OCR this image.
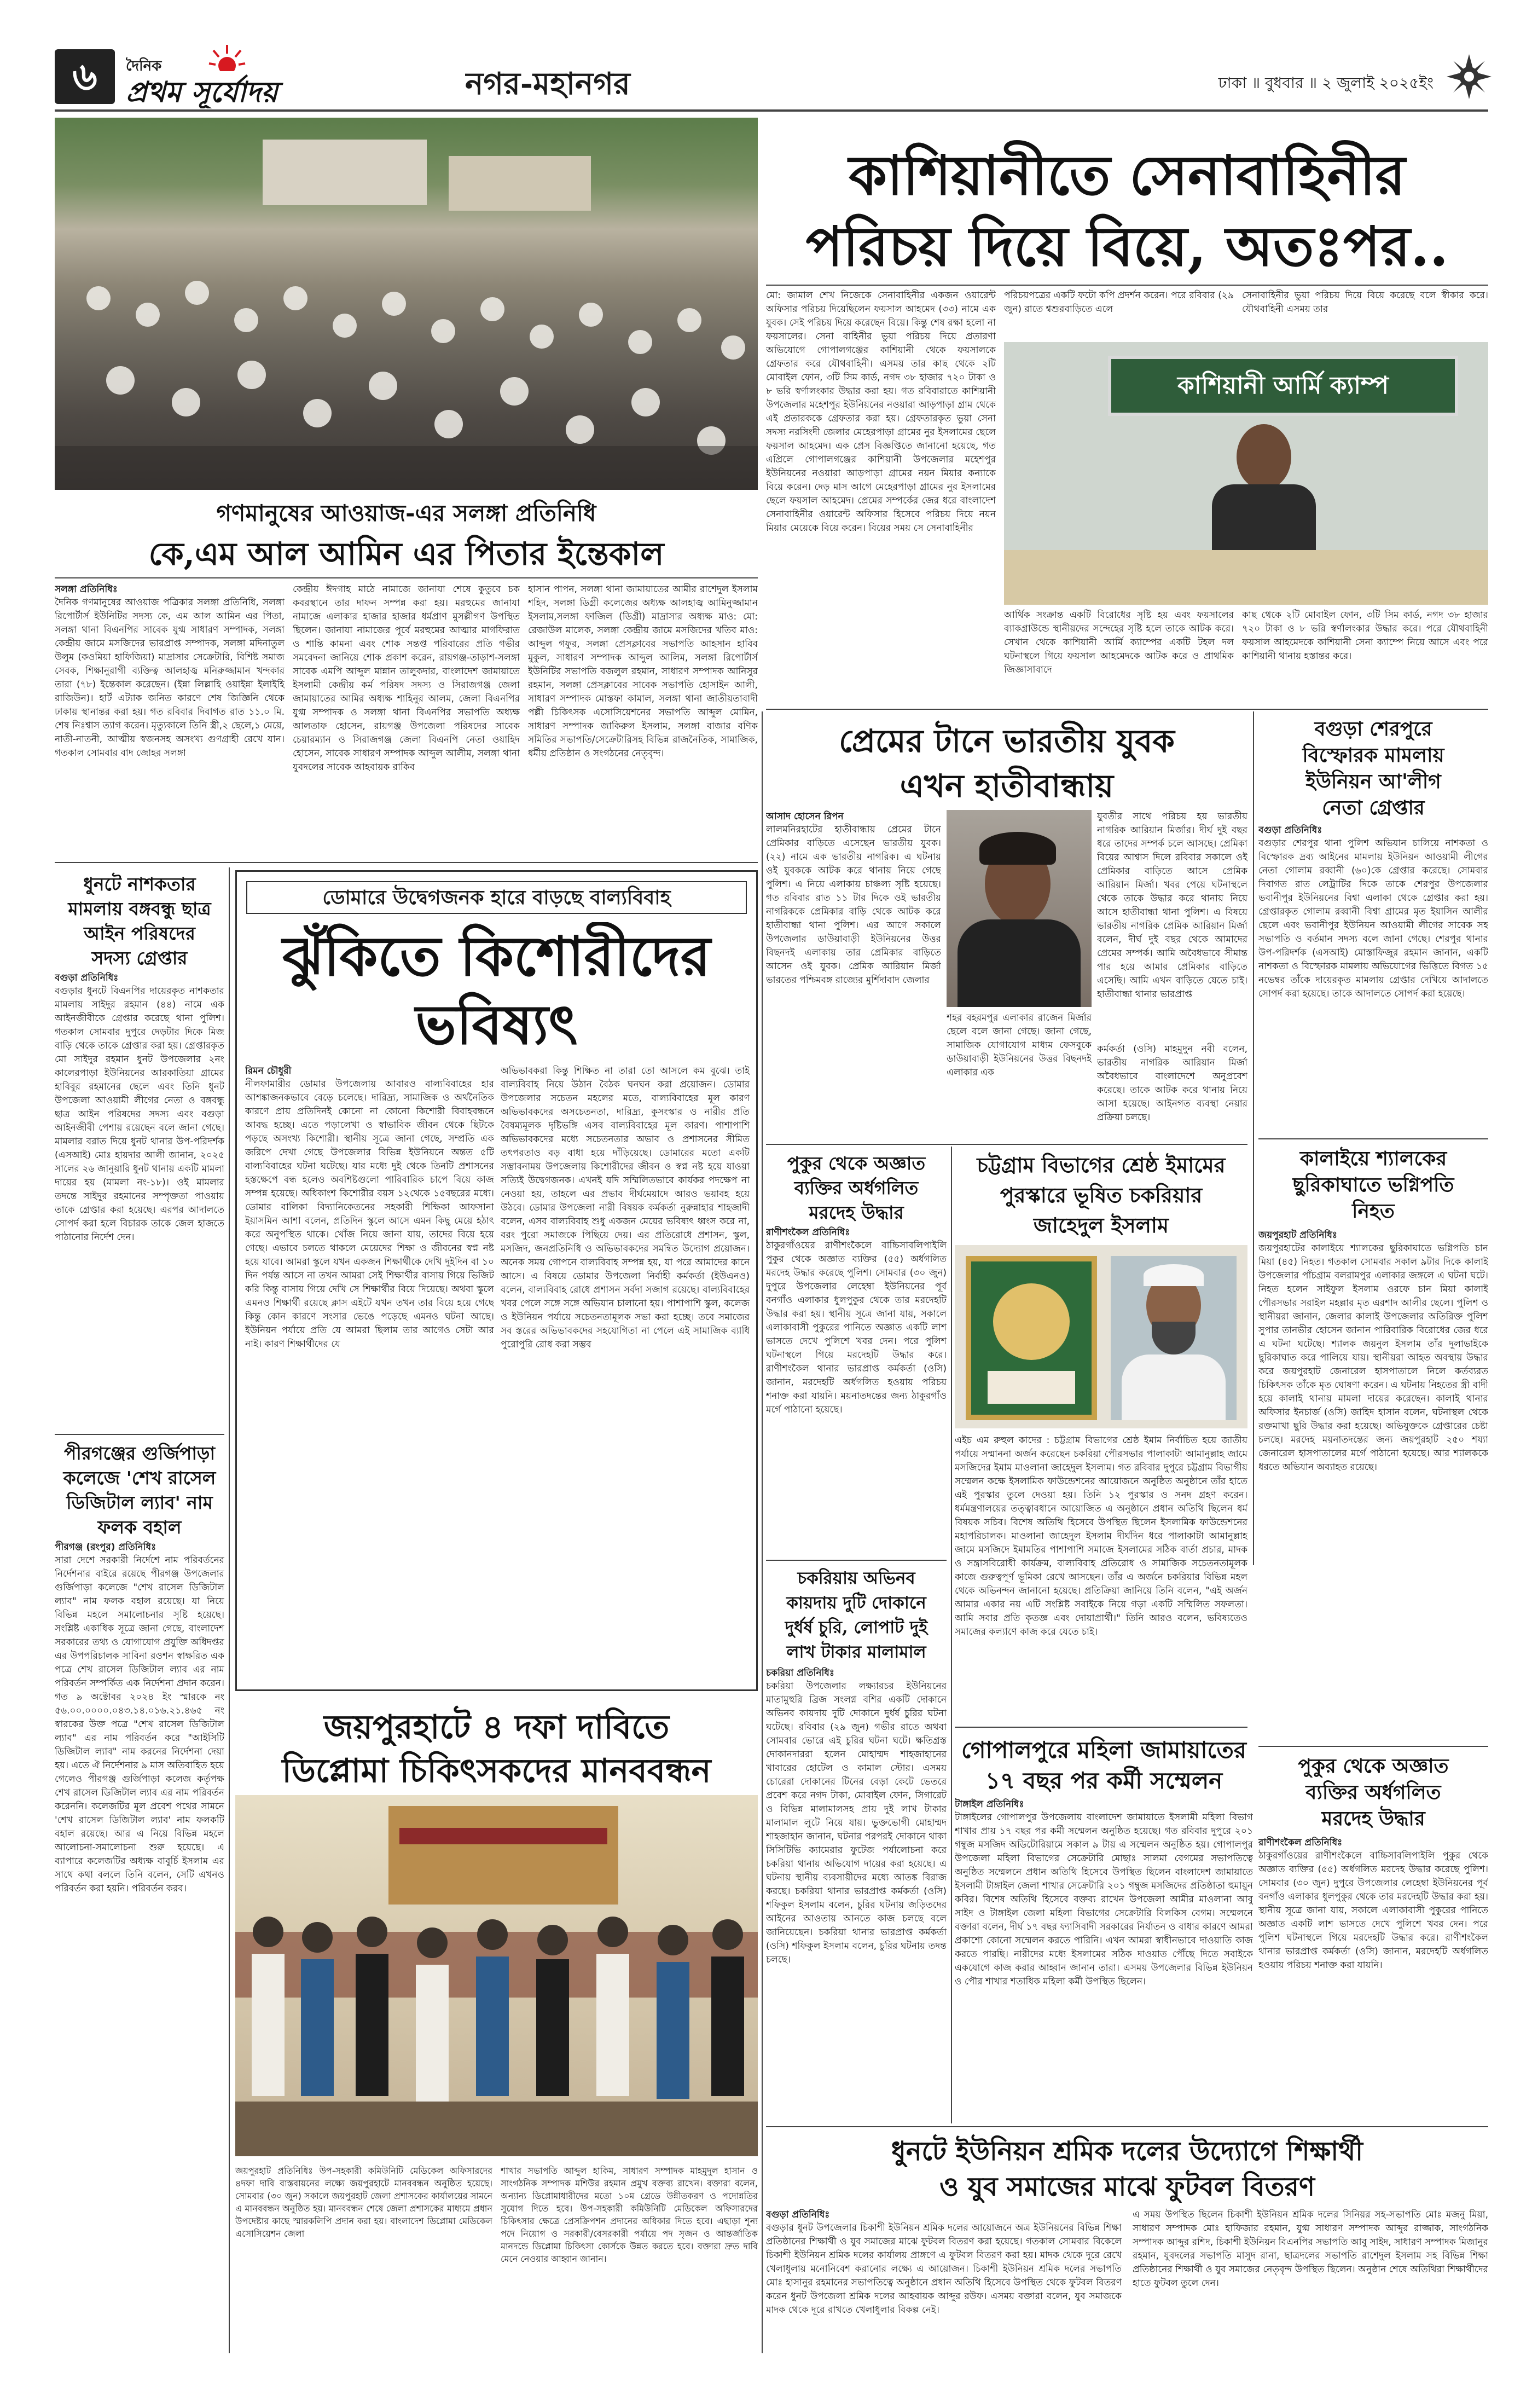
৬	দৈনিক
প্রথম সূর্যোদয়	নগর-মহানগর	ঢাকা ॥ বুধবার ॥ ২ জুলাই ২০২৫ইং
গণমানুষের আওয়াজ-এর সলঙ্গা প্রতিনিধি
কে,এম আল আমিন এর পিতার ইন্তেকাল
সলঙ্গা প্রতিনিধিঃ

দৈনিক গণমানুষের আওয়াজ পত্রিকার সলঙ্গা প্রতিনিধি, সলঙ্গা রিপোর্টার্স ইউনিটির সদস্য কে, এম আল আমিন এর পিতা, সলঙ্গা থানা বিএনপির সাবেক যুগ্ম সাধারণ সম্পাদক, সলঙ্গা কেন্দ্রীয় জামে মসজিদের ভারপ্রাপ্ত সম্পাদক, সলঙ্গা মদিনাতুল উলুম (কওমিয়া হাফিজিয়া) মাদ্রাসার সেক্রেটারি, বিশিষ্ট সমাজ সেবক, শিক্ষানুরাগী ব্যক্তিত্ব আলহাজ্ব মনিরুজ্জামান খন্দকার তারা (৭৮) ইন্তেকাল করেছেন। (ইন্না লিল্লাহি ওয়াইন্না ইলাইহি রাজিউন)। হার্ট এট্যাক জনিত কারণে শেষ জিজ্ঞিনি থেকে ঢাকায় স্থানান্তর করা হয়। গত রবিবার দিবাগত রাত ১১.০ মি. শেষ নিঃশ্বাস ত্যাগ করেন। মৃত্যুকালে তিনি স্ত্রী,২ ছেলে,১ মেয়ে, নাতী-নাতনী, আত্মীয় স্বজনসহ অসংখ্য গুণগ্রাহী রেখে যান। গতকাল সোমবার বাদ জোহর সলঙ্গা

কেন্দ্রীয় ঈদগাহ মাঠে নামাজে জানাযা শেষে কুতুবে চক কবরস্থানে তার দাফন সম্পন্ন করা হয়। মরহুমের জানাযা নামাজে এলাকার হাজার হাজার ধর্মপ্রাণ মুসল্লীগণ উপস্থিত ছিলেন। জানাযা নামাজের পূর্বে মরহুমের আত্মার মাগফিরাত ও শান্তি কামনা এবং শোক সন্তপ্ত পরিবারের প্রতি গভীর সমবেদনা জানিয়ে শোক প্রকাশ করেন, রায়গঞ্জ-তাড়াশ-সলঙ্গা সাবেক এমপি আব্দুল মান্নান তালুকদার, বাংলাদেশ জামায়াতে ইসলামী কেন্দ্রীয় কর্ম পরিষদ সদস্য ও সিরাজগঞ্জ জেলা জামায়াতের আমির অধ্যক্ষ শাহিনুর আলম, জেলা বিএনপির যুগ্ম সম্পাদক ও সলঙ্গা থানা বিএনপির সভাপতি অধ্যক্ষ আলতাফ হোসেন, রায়গঞ্জ উপজেলা পরিষদের সাবেক চেয়ারম্যান ও সিরাজগঞ্জ জেলা বিএনপি নেতা ওয়াহিদ হোসেন, সাবেক সাধারণ সম্পাদক আব্দুল আলীম, সলঙ্গা থানা যুবদলের সাবেক আহবায়ক রাকিব

হাসান পাপন, সলঙ্গা থানা জামায়াতের আমীর রাশেদুল ইসলাম শহিদ, সলঙ্গা ডিগ্রী কলেজের অধ্যক্ষ আলহাজ্ব আমিনুজ্জামান ইসলাম,সলঙ্গা ফাজিল (ডিগ্রী) মাদ্রাসার অধ্যক্ষ মাও: মো: রেজাউল মালেক, সলঙ্গা কেন্দ্রীয় জামে মসজিদের খতিব মাও: আব্দুল গফুর, সলঙ্গা প্রেসক্লাবের সভাপতি আহসান হাবিব মুকুল, সাধারণ সম্পাদক আব্দুল আলিম, সলঙ্গা রিপোর্টার্স ইউনিটির সভাপতি বজলুল রহমান, সাধারণ সম্পাদক আনিসুর রহমান, সলঙ্গা প্রেসক্লাবের সাবেক সভাপতি হোসাইন আলী, সাধারণ সম্পাদক মোস্তফা কামাল, সলঙ্গা থানা জাতীয়তাবাদী পল্লী চিকিৎসক এসোসিয়েশনের সভাপতি আব্দুল মোমিন, সাধারণ সম্পাদক জাকিরুল ইসলাম, সলঙ্গা বাজার বণিক সমিতির সভাপতি/সেক্রেটারিসহ বিভিন্ন রাজনৈতিক, সামাজিক, ধর্মীয় প্রতিষ্ঠান ও সংগঠনের নেতৃবৃন্দ।

কাশিয়ানীতে সেনাবাহিনীর
পরিচয় দিয়ে বিয়ে, অতঃপর..

মো: জামাল শেখ নিজেকে সেনাবাহিনীর একজন ওয়ারেন্ট অফিসার পরিচয় দিয়েছিলেন ফয়সাল আহমেদ (৩৩) নামে এক যুবক। সেই পরিচয় দিয়ে করেছেন বিয়ে। কিন্তু শেষ রক্ষা হলো না ফয়সালের। সেনা বাহিনীর ভুয়া পরিচয় দিয়ে প্রতারণা অভিযোগে গোপালগঞ্জের কাশিয়ানী থেকে ফয়সালকে গ্রেফতার করে যৌথবাহিনী। এসময় তার কাছ থেকে ২টি মোবাইল ফোন, ৩টি সিম কার্ড, নগদ ৩৮ হাজার ৭২০ টাকা ও ৮ ভরি স্বর্ণালংকার উদ্ধার করা হয়। গত রবিবারাতে কাশিয়ানী উপজেলার মহেশপুর ইউনিয়নের নওয়ারা আড়পাড়া গ্রাম থেকে এই প্রতারককে গ্রেফতার করা হয়। গ্রেফতারকৃত ভুয়া সেনা সদস্য নরসিংদী জেলার মেহেরপাড়া গ্রামের নুর ইসলামের ছেলে ফয়সাল আহমেদ। এক প্রেস বিজ্ঞপ্তিতে জানানো হয়েছে, গত এপ্রিলে গোপালগঞ্জের কাশিয়ানী উপজেলার মহেশপুর ইউনিয়নের নওয়ারা আড়পাড়া গ্রামের নয়ন মিয়ার কন্যাকে বিয়ে করেন। দেড় মাস আগে মেহেরপাড়া গ্রামের নুর ইসলামের ছেলে ফয়সাল আহমেদ। প্রেমের সম্পর্কের জের ধরে বাংলাদেশ সেনাবাহিনীর ওয়ারেন্ট অফিসার হিসেবে পরিচয় দিয়ে নয়ন মিয়ার মেয়েকে বিয়ে করেন। বিয়ের সময় সে সেনাবাহিনীর

পরিচয়পত্রের একটি ফটো কপি প্রদর্শন করেন। পরে রবিবার (২৯ জুন) রাতে শ্বশুরবাড়িতে এলে

সেনাবাহিনীর ভুয়া পরিচয় দিয়ে বিয়ে করেছে বলে স্বীকার করে। যৌথবাহিনী এসময় তার

কাশিয়ানী আর্মি ক্যাম্প

আর্থিক সংক্রান্ত একটি বিরোধের সৃষ্টি হয় এবং ফয়সালের ব্যাকগ্রাউন্ডে স্থানীয়দের সন্দেহের সৃষ্টি হলে তাকে আটক করে। সেখান থেকে কাশিয়ানী আর্মি ক্যাম্পের একটি টহল দল ঘটনাস্থলে গিয়ে ফয়সাল আহমেদকে আটক করে ও প্রাথমিক জিজ্ঞাসাবাদে

কাছ থেকে ২টি মোবাইল ফোন, ৩টি সিম কার্ড, নগদ ৩৮ হাজার ৭২০ টাকা ও ৮ ভরি স্বর্ণালংকার উদ্ধার করে। পরে যৌথবাহিনী ফয়সাল আহমেদকে কাশিয়ানী সেনা ক্যাম্পে নিয়ে আসে এবং পরে কাশিয়ানী থানায় হস্তান্তর করে।

প্রেমের টানে ভারতীয় যুবক
এখন হাতীবান্ধায়
আসাদ হোসেন রিপন

লালমনিরহাটের হাতীবান্ধায় প্রেমের টানে প্রেমিকার বাড়িতে এসেছেন ভারতীয় যুবক। (২২) নামে এক ভারতীয় নাগরিক। এ ঘটনায় ওই যুবককে আটক করে থানায় নিয়ে গেছে পুলিশ। এ নিয়ে এলাকায় চাঞ্চল্য সৃষ্টি হয়েছে। গত রবিবার রাত ১১ টার দিকে ওই ভারতীয় নাগরিককে প্রেমিকার বাড়ি থেকে আটক করে হাতীবান্ধা থানা পুলিশ। এর আগে সকালে উপজেলার ডাউয়াবাড়ী ইউনিয়নের উত্তর বিছনদই এলাকায় তার প্রেমিকার বাড়িতে আসেন ওই যুবক। প্রেমিক আরিয়ান মির্জা ভারতের পশ্চিমবঙ্গ রাজ্যের মুর্শিদাবাদ জেলার

শহর বহরমপুর এলাকার রাজেন মির্জার ছেলে বলে জানা গেছে। জানা গেছে, সামাজিক যোগাযোগ মাধ্যম ফেসবুকে ডাউয়াবাড়ী ইউনিয়নের উত্তর বিছনদই এলাকার এক

যুবতীর সাথে পরিচয় হয় ভারতীয় নাগরিক আরিয়ান মির্জার। দীর্ঘ দুই বছর ধরে তাদের সম্পর্ক চলে আসছে। প্রেমিকা বিয়ের আশ্বাস দিলে রবিবার সকালে ওই প্রেমিকার বাড়িতে আসে প্রেমিক আরিয়ান মির্জা। খবর পেয়ে ঘটনাস্থলে থেকে তাকে উদ্ধার করে থানায় নিয়ে আসে হাতীবান্ধা থানা পুলিশ। এ বিষয়ে ভারতীয় নাগরিক প্রেমিক আরিয়ান মির্জা বলেন, দীর্ঘ দুই বছর থেকে আমাদের প্রেমের সম্পর্ক। আমি অবৈধভাবে সীমান্ত পার হয়ে আমার প্রেমিকার বাড়িতে এসেছি। আমি এখন বাড়িতে যেতে চাই। হাতীবান্ধা থানার ভারপ্রাপ্ত

কর্মকর্তা (ওসি) মাহমুদুন নবী বলেন, ভারতীয় নাগরিক আরিয়ান মির্জা অবৈধভাবে বাংলাদেশে অনুপ্রবেশ করেছে। তাকে আটক করে থানায় নিয়ে আসা হয়েছে। আইনগত ব্যবস্থা নেয়ার প্রক্রিয়া চলছে।

বগুড়া শেরপুরে
বিস্ফোরক মামলায়
ইউনিয়ন আ'লীগ
নেতা গ্রেপ্তার
বগুড়া প্রতিনিধিঃ

বগুড়ার শেরপুর থানা পুলিশ অভিযান চালিয়ে নাশকতা ও বিস্ফোরক দ্রব্য আইনের মামলায় ইউনিয়ন আওয়ামী লীগের নেতা গোলাম রব্বানী (৬০)কে গ্রেপ্তার করেছে। সোমবার দিবাগত রাত লেট্রাটির দিকে তাকে শেরপুর উপজেলার ভবানীপুর ইউনিয়নের বিশ্বা এলাকা থেকে গ্রেপ্তার করা হয়। গ্রেপ্তারকৃত গোলাম রব্বানী বিশ্বা গ্রামের মৃত ইয়াসিন আলীর ছেলে এবং ভবানীপুর ইউনিয়ন আওয়ামী লীগের সাবেক সহ সভাপতি ও বর্তমান সদস্য বলে জানা গেছে। শেরপুর থানার উপ-পরিদর্শক (এসআই) মোস্তাফিজুর রহমান জানান, একটি নাশকতা ও বিস্ফোরক মামলায় অভিযোগের ভিত্তিতে বিগত ১৫ নভেম্বর তাঁকে দায়েরকৃত মামলায় গ্রেপ্তার দেখিয়ে আদালতে সোপর্দ করা হয়েছে। তাকে আদালতে সোপর্দ করা হয়েছে।

কালাইয়ে শ্যালকের
ছুরিকাঘাতে ভগ্নিপতি
নিহত
জয়পুরহাট প্রতিনিধিঃ

জয়পুরহাটের কালাইয়ে শ্যালকের ছুরিকাঘাতে ভগ্নিপতি চান মিয়া (৪৫) নিহত। গতকাল সোমবার সকাল ৯টার দিকে কালাই উপজেলার পাঁচগ্রাম বলরামপুর এলাকার জঙ্গলে এ ঘটনা ঘটে। নিহত হলেন সাইফুল ইসলাম ওরফে চান মিয়া কালাই পৌরসভার সরাইল মহল্লার মৃত এরশাদ আলীর ছেলে। পুলিশ ও স্থানীয়রা জানান, জেলার কালাই উপজেলার অতিরিক্ত পুলিশ সুপার তানভীর হোসেন জানান পারিবারিক বিরোধের জের ধরে এ ঘটনা ঘটেছে। শ্যালক জয়নুল ইসলাম তাঁর দুলাভাইকে ছুরিকাঘাত করে পালিয়ে যায়। স্থানীয়রা আহত অবস্থায় উদ্ধার করে জয়পুরহাট জেনারেল হাসপাতালে নিলে কর্তব্যরত চিকিৎসক তাঁকে মৃত ঘোষণা করেন। এ ঘটনায় নিহতের স্ত্রী বাদী হয়ে কালাই থানায় মামলা দায়ের করেছেন। কালাই থানার অফিসার ইনচার্জ (ওসি) জাহিদ হাসান বলেন, ঘটনাস্থল থেকে রক্তমাখা ছুরি উদ্ধার করা হয়েছে। অভিযুক্তকে গ্রেপ্তারের চেষ্টা চলছে। মরদেহ ময়নাতদন্তের জন্য জয়পুরহাট ২৫০ শয্যা জেনারেল হাসপাতালের মর্গে পাঠানো হয়েছে। আর শ্যালককে ধরতে অভিযান অব্যাহত রয়েছে।

পুকুর থেকে অজ্ঞাত
ব্যক্তির অর্ধগলিত
মরদেহ উদ্ধার
রাণীশংকৈল প্রতিনিধিঃ

ঠাকুরগাঁওয়ের রাণীশংকৈলে বাচ্চিসাবলিপাইলি পুকুর থেকে অজ্ঞাত ব্যক্তির (৫৫) অর্ধগলিত মরদেহ উদ্ধার করেছে পুলিশ। সোমবার (৩০ জুন) দুপুরে উপজেলার লেহেম্বা ইউনিয়নের পূর্ব বনগাঁও এলাকার ধুলপুকুর থেকে তার মরদেহটি উদ্ধার করা হয়। স্থানীয় সূত্রে জানা যায়, সকালে এলাকাবাসী পুকুরের পানিতে অজ্ঞাত একটি লাশ ভাসতে দেখে পুলিশে খবর দেন। পরে পুলিশ ঘটনাস্থলে গিয়ে মরদেহটি উদ্ধার করে। রাণীশংকৈল থানার ভারপ্রাপ্ত কর্মকর্তা (ওসি) জানান, মরদেহটি অর্ধগলিত হওয়ায় পরিচয় শনাক্ত করা যায়নি।

ধুনটে নাশকতার
মামলায় বঙ্গবন্ধু ছাত্র
আইন পরিষদের
সদস্য গ্রেপ্তার
বগুড়া প্রতিনিধিঃ

বগুড়ার ধুনটে বিএনপির দায়েরকৃত নাশকতার মামলায় সাইদুর রহমান (৪৪) নামে এক আইনজীবীকে গ্রেপ্তার করেছে থানা পুলিশ। গতকাল সোমবার দুপুরে দেড়টার দিকে মিজ বাড়ি থেকে তাকে গ্রেপ্তার করা হয়। গ্রেপ্তারকৃত মো সাইদুর রহমান ধুনট উপজেলার ২নং কালেরপাড়া ইউনিয়নের আরকাতিয়া গ্রামের হাবিবুর রহমানের ছেলে এবং তিনি ধুনট উপজেলা আওয়ামী লীগের নেতা ও বঙ্গবন্ধু ছাত্র আইন পরিষদের সদস্য এবং বগুড়া আইনজীবী পেশায় রয়েছেন বলে জানা গেছে। মামলার বরাত দিয়ে ধুনট থানার উপ-পরিদর্শক (এসআই) মোঃ হায়দার আলী জানান, ২০২৫ সালের ২৬ জানুয়ারি ধুনট থানায় একটি মামলা দায়ের হয় (মামলা নং-১৮)। ওই মামলার তদন্তে সাইদুর রহমানের সম্পৃক্ততা পাওয়ায় তাকে গ্রেপ্তার করা হয়েছে। এরপর আদালতে সোপর্দ করা হলে বিচারক তাকে জেল হাজতে পাঠানোর নির্দেশ দেন।

পীরগঞ্জের গুর্জিপাড়া
কলেজে 'শেখ রাসেল
ডিজিটাল ল্যাব' নাম
ফলক বহাল
পীরগঞ্জ (রংপুর) প্রতিনিধিঃ

সারা দেশে সরকারী নির্দেশে নাম পরিবর্তনের নির্দেশনার বাইরে রয়েছে পীরগঞ্জ উপজেলার গুর্জিপাড়া কলেজে "শেখ রাসেল ডিজিটাল ল্যাব" নাম ফলক বহাল রয়েছে। যা নিয়ে বিভিন্ন মহলে সমালোচনার সৃষ্টি হয়েছে। সংশ্লিষ্ট একাধিক সূত্রে জানা গেছে, বাংলাদেশ সরকারের তথ্য ও যোগাযোগ প্রযুক্তি অধিদপ্তর এর উপপরিচালক সাবিনা রওশন স্বাক্ষরিত এক পত্রে শেখ রাসেল ডিজিটাল ল্যাব এর নাম পরিবর্তন সম্পর্কিত এক নির্দেশনা প্রদান করেন। গত ৯ অক্টোবর ২০২৪ ইং স্মারকে নং ৫৬.০০.০০০০.০৪৩.১৪.০১৬.২১.৪৬৫ নং স্বারকের উক্ত পত্রে "শেখ রাসেল ডিজিটাল ল্যাব" এর নাম পরিবর্তন করে "আইসিটি ডিজিটাল ল্যাব" নাম করনের নির্দেশনা দেয়া হয়। এতে ঐ নির্দেশনার ৯ মাস অতিবাহিত হয়ে গেলেও পীরগঞ্জ গুর্জিপাড়া কলেজ কর্তৃপক্ষ শেখ রাসেল ডিজিটাল ল্যাব এর নাম পরিবর্তন করেননি। কলেজটির মূল প্রবেশ পথের সামনে 'শেখ রাসেল ডিজিটাল ল্যাব' নাম ফলকটি বহাল রয়েছে। আর এ নিয়ে বিভিন্ন মহলে আলোচনা-সমালোচনা শুরু হয়েছে। এ ব্যাপারে কলেজটির অধ্যক্ষ বাবুর্চি ইসলাম এর সাথে কথা বললে তিনি বলেন, সেটি এখনও পরিবর্তন করা হয়নি। পরিবর্তন করব।

ডোমারে উদ্বেগজনক হারে বাড়ছে বাল্যবিবাহ
ঝুঁকিতে কিশোরীদের
ভবিষ্যৎ
রিমন চৌধুরী

নীলফামারীর ডোমার উপজেলায় আবারও বাল্যবিবাহের হার আশঙ্কাজনকভাবে বেড়ে চলেছে। দারিদ্র্য, সামাজিক ও অর্থনৈতিক কারণে প্রায় প্রতিদিনই কোনো না কোনো কিশোরী বিবাহবন্ধনে আবদ্ধ হচ্ছে। এতে পড়ালেখা ও স্বাভাবিক জীবন থেকে ছিটকে পড়ছে অসংখ্য কিশোরী। স্থানীয় সূত্রে জানা গেছে, সম্প্রতি এক জরিপে দেখা গেছে উপজেলার বিভিন্ন ইউনিয়নে অন্তত ৫টি বাল্যবিবাহের ঘটনা ঘটেছে। যার মধ্যে দুই থেকে তিনটি প্রশাসনের হস্তক্ষেপে বন্ধ হলেও অবশিষ্টগুলো পারিবারিক চাপে বিয়ে কাজ সম্পন্ন হয়েছে। অধিকাংশ কিশোরীর বয়স ১২থেকে ১৫বছরের মধ্যে। ডোমার বালিকা বিদ্যানিকেতনের সহকারী শিক্ষিকা আফসানা ইয়াসমিন আশা বলেন, প্রতিদিন স্কুলে আসে এমন কিছু মেয়ে হঠাৎ করে অনুপস্থিত থাকে। খোঁজ নিয়ে জানা যায়, তাদের বিয়ে হয়ে গেছে। এভাবে চলতে থাকলে মেয়েদের শিক্ষা ও জীবনের স্বপ্ন নষ্ট হয়ে যাবে। আমরা স্কুলে যখন একজন শিক্ষার্থীকে দেখি দুইদিন বা ১০ দিন পর্যন্ত আসে না তখন আমরা সেই শিক্ষার্থীর বাসায় গিয়ে ভিজিট করি কিন্তু বাসায় গিয়ে দেখি সে শিক্ষার্থীর বিয়ে দিয়েছে। অথবা স্কুলে এমনও শিক্ষার্থী রয়েছে ক্লাস এইটে যখন তখন তার বিয়ে হয়ে গেছে কিন্তু কোন কারণে সংসার ভেঙে পড়েছে এমনও ঘটনা আছে। ইউনিয়ন পর্যায়ে প্রতি যে আমরা ছিলাম তার আগেও সেটা আর নাই। কারণ শিক্ষার্থীদের যে

অভিভাবকরা কিন্তু শিক্ষিত না তারা তো আসলে কম বুঝে। তাই বাল্যবিবাহ নিয়ে উঠান বৈঠক ঘনঘন করা প্রয়োজন। ডোমার উপজেলার সচেতন মহলের মতে, বাল্যবিবাহের মূল কারণ অভিভাবকদের অসচেতনতা, দারিদ্র্য, কুসংস্কার ও নারীর প্রতি বৈষম্যমূলক দৃষ্টিভঙ্গি এসব বাল্যবিবাহের মূল কারণ। পাশাপাশি অভিভাবকদের মধ্যে সচেতনতার অভাব ও প্রশাসনের সীমিত তৎপরতাও বড় বাধা হয়ে দাঁড়িয়েছে। ডোমারের মতো একটি সম্ভাবনাময় উপজেলায় কিশোরীদের জীবন ও স্বপ্ন নষ্ট হয়ে যাওয়া সত্যিই উদ্বেগজনক। এখনই যদি সম্মিলিতভাবে কার্যকর পদক্ষেপ না নেওয়া হয়, তাহলে এর প্রভাব দীর্ঘমেয়াদে আরও ভয়াবহ হয়ে উঠবে। ডোমার উপজেলা নারী বিষয়ক কর্মকর্তা নুরুন্নাহার শাহজাদী বলেন, এসব বাল্যবিবাহ শুধু একজন মেয়ের ভবিষ্যৎ ধ্বংস করে না, বরং পুরো সমাজকে পিছিয়ে দেয়। এর প্রতিরোধে প্রশাসন, স্কুল, মসজিদ, জনপ্রতিনিধি ও অভিভাবকদের সমন্বিত উদ্যোগ প্রয়োজন। অনেক সময় গোপনে বাল্যবিবাহ সম্পন্ন হয়, যা পরে আমাদের কানে আসে। এ বিষয়ে ডোমার উপজেলা নির্বাহী কর্মকর্তা (ইউএনও) বলেন, বাল্যবিবাহ রোধে প্রশাসন সর্বদা সজাগ রয়েছে। বাল্যবিবাহের খবর পেলে সঙ্গে সঙ্গে অভিযান চালানো হয়। পাশাপাশি স্কুল, কলেজ ও ইউনিয়ন পর্যায়ে সচেতনতামূলক সভা করা হচ্ছে। তবে সমাজের সব স্তরের অভিভাবকদের সহযোগিতা না পেলে এই সামাজিক ব্যাধি পুরোপুরি রোধ করা সম্ভব

জয়পুরহাটে ৪ দফা দাবিতে
ডিপ্লোমা চিকিৎসকদের মানববন্ধন

জয়পুরহাট প্রতিনিধিঃ উপ-সহকারী কমিউনিটি মেডিকেল অফিসারদের ৪দফা দাবি বাস্তবায়নের লক্ষ্যে জয়পুরহাটে মানববন্ধন অনুষ্ঠিত হয়েছে। সোমবার (৩০ জুন) সকালে জয়পুরহাট জেলা প্রশাসকের কার্যালয়ের সামনে এ মানববন্ধন অনুষ্ঠিত হয়। মানববন্ধন শেষে জেলা প্রশাসকের মাধ্যমে প্রধান উপদেষ্টার কাছে স্মারকলিপি প্রদান করা হয়। বাংলাদেশ ডিপ্লোমা মেডিকেল এসোসিয়েশন জেলা

শাখার সভাপতি আব্দুল হাকিম, সাধারণ সম্পাদক মাহমুদুল হাসান ও সাংগঠনিক সম্পাদক মশিউর রহমান প্রমুখ বক্তব্য রাখেন। বক্তারা বলেন, অন্যান্য ডিপ্লোমাধারীদের মতো ১০ম গ্রেডে উন্নীতকরণ ও পদোন্নতির সুযোগ দিতে হবে। উপ-সহকারী কমিউনিটি মেডিকেল অফিসারদের চিকিৎসার ক্ষেত্রে প্রেসক্রিপশন প্রদানের অধিকার দিতে হবে। এছাড়া শূন্য পদে নিয়োগ ও সরকারী/বেসরকারী পর্যায়ে পদ সৃজন ও আন্তর্জাতিক মানদন্ডে ডিপ্লোমা চিকিৎসা কোর্সকে উন্নত করতে হবে। বক্তারা দ্রুত দাবি মেনে নেওয়ার আহ্বান জানান।

পুকুর থেকে অজ্ঞাত
ব্যক্তির অর্ধগলিত
মরদেহ উদ্ধার
রাণীশংকৈল প্রতিনিধিঃ

ঠাকুরগাঁওয়ের রাণীশংকৈলে বাচ্চিসাবলিপাইলি পুকুর থেকে অজ্ঞাত ব্যক্তির (৫৫) অর্ধগলিত মরদেহ উদ্ধার করেছে পুলিশ। সোমবার (৩০ জুন) দুপুরে উপজেলার লেহেম্বা ইউনিয়নের পূর্ব বনগাঁও এলাকার ধুলপুকুর থেকে তার মরদেহটি উদ্ধার করা হয়। স্থানীয় সূত্রে জানা যায়, সকালে এলাকাবাসী পুকুরের পানিতে অজ্ঞাত একটি লাশ ভাসতে দেখে পুলিশে খবর দেন। পরে পুলিশ ঘটনাস্থলে গিয়ে মরদেহটি উদ্ধার করে। রাণীশংকৈল থানার ভারপ্রাপ্ত কর্মকর্তা (ওসি) জানান, মরদেহটি অর্ধগলিত হওয়ায় পরিচয় শনাক্ত করা যায়নি। ময়নাতদন্তের জন্য ঠাকুরগাঁও মর্গে পাঠানো হয়েছে।

চকরিয়ায় অভিনব
কায়দায় দুটি দোকানে
দুর্ধর্ষ চুরি, লোপাট দুই
লাখ টাকার মালামাল
চকরিয়া প্রতিনিধিঃ

চকরিয়া উপজেলার লক্ষ্যারচর ইউনিয়নের মাতামুহুরি ব্রিজ সংলগ্ন বশির একটি দোকানে অভিনব কায়দায় দুটি দোকানে দুর্ধর্ষ চুরির ঘটনা ঘটেছে। রবিবার (২৯ জুন) গভীর রাতে অথবা সোমবার ভোরে এই চুরির ঘটনা ঘটে। ক্ষতিগ্রস্ত দোকানদাররা হলেন মোহাম্মদ শাহজাহানের খাবারের হোটেল ও কামাল স্টোর। এসময় চোরেরা দোকানের টিনের বেড়া কেটে ভেতরে প্রবেশ করে নগদ টাকা, মোবাইল ফোন, সিগারেট ও বিভিন্ন মালামালসহ প্রায় দুই লাখ টাকার মালামাল লুটে নিয়ে যায়। ভুক্তভোগী মোহাম্মদ শাহজাহান জানান, ঘটনার পরপরই দোকানে থাকা সিসিটিভি ক্যামেরার ফুটেজ পর্যালোচনা করে চকরিয়া থানায় অভিযোগ দায়ের করা হয়েছে। এ ঘটনায় স্থানীয় ব্যবসায়ীদের মধ্যে আতঙ্ক বিরাজ করছে। চকরিয়া থানার ভারপ্রাপ্ত কর্মকর্তা (ওসি) শফিকুল ইসলাম বলেন, চুরির ঘটনায় জড়িতদের আইনের আওতায় আনতে কাজ চলছে বলে জানিয়েছেন। চকরিয়া থানার ভারপ্রাপ্ত কর্মকর্তা (ওসি) শফিকুল ইসলাম বলেন, চুরির ঘটনায় তদন্ত চলছে।

চট্টগ্রাম বিভাগের শ্রেষ্ঠ ইমামের
পুরস্কারে ভূষিত চকরিয়ার
জাহেদুল ইসলাম

এইচ এম রুহুল কাদের : চট্টগ্রাম বিভাগের শ্রেষ্ঠ ইমাম নির্বাচিত হয়ে জাতীয় পর্যায়ে সম্মাননা অর্জন করেছেন চকরিয়া পৌরসভার পালাকাটা আমানুল্লাহ জামে মসজিদের ইমাম মাওলানা জাহেদুল ইসলাম। গত রবিবার দুপুরে চট্টগ্রাম বিভাগীয় সম্মেলন কক্ষে ইসলামিক ফাউন্ডেশনের আয়োজনে অনুষ্ঠিত অনুষ্ঠানে তাঁর হাতে এই পুরস্কার তুলে দেওয়া হয়। তিনি ১২ পুরস্কার ও সনদ গ্রহণ করেন। ধর্মমন্ত্রণালয়ের তত্ত্বাবধানে আয়োজিত এ অনুষ্ঠানে প্রধান অতিথি ছিলেন ধর্ম বিষয়ক সচিব। বিশেষ অতিথি হিসেবে উপস্থিত ছিলেন ইসলামিক ফাউন্ডেশনের মহাপরিচালক। মাওলানা জাহেদুল ইসলাম দীর্ঘদিন ধরে পালাকাটা আমানুল্লাহ জামে মসজিদে ইমামতির পাশাপাশি সমাজে ইসলামের সঠিক বার্তা প্রচার, মাদক ও সন্ত্রাসবিরোধী কার্যক্রম, বাল্যবিবাহ প্রতিরোধ ও সামাজিক সচেতনতামূলক কাজে গুরুত্বপূর্ণ ভূমিকা রেখে আসছেন। তাঁর এ অর্জনে চকরিয়ার বিভিন্ন মহল থেকে অভিনন্দন জানানো হয়েছে। প্রতিক্রিয়া জানিয়ে তিনি বলেন, "এই অর্জন আমার একার নয় এটি সংশ্লিষ্ট সবাইকে নিয়ে গড়া একটি সম্মিলিত সফলতা। আমি সবার প্রতি কৃতজ্ঞ এবং দোয়াপ্রার্থী।" তিনি আরও বলেন, ভবিষ্যতেও সমাজের কল্যাণে কাজ করে যেতে চাই।

গোপালপুরে মহিলা জামায়াতের
১৭ বছর পর কর্মী সম্মেলন
টাঙ্গাইল প্রতিনিধিঃ

টাঙ্গাইলের গোপালপুর উপজেলায় বাংলাদেশ জামায়াতে ইসলামী মহিলা বিভাগ শাখার প্রায় ১৭ বছর পর কর্মী সম্মেলন অনুষ্ঠিত হয়েছে। গত রবিবার দুপুরে ২০১ গম্বুজ মসজিদ অডিটোরিয়ামে সকাল ৯ টায় এ সম্মেলন অনুষ্ঠিত হয়। গোপালপুর উপজেলা মহিলা বিভাগের সেক্রেটারি মোছাঃ সালমা বেগমের সভাপতিত্বে অনুষ্ঠিত সম্মেলনে প্রধান অতিথি হিসেবে উপস্থিত ছিলেন বাংলাদেশ জামায়াতে ইসলামী টাঙ্গাইল জেলা শাখার সেক্রেটারি ২০১ গম্বুজ মসজিদের প্রতিষ্ঠাতা হুমায়ুন কবির। বিশেষ অতিথি হিসেবে বক্তব্য রাখেন উপজেলা আমীর মাওলানা আবু সাইদ ও টাঙ্গাইল জেলা মহিলা বিভাগের সেক্রেটারি বিলকিস বেগম। সম্মেলনে বক্তারা বলেন, দীর্ঘ ১৭ বছর ফ্যাসিবাদী সরকারের নির্যাতন ও বাধার কারণে আমরা প্রকাশ্যে কোনো সম্মেলন করতে পারিনি। এখন আমরা স্বাধীনভাবে দাওয়াতি কাজ করতে পারছি। নারীদের মধ্যে ইসলামের সঠিক দাওয়াত পৌঁছে দিতে সবাইকে একযোগে কাজ করার আহ্বান জানান তারা। এসময় উপজেলার বিভিন্ন ইউনিয়ন ও পৌর শাখার শতাধিক মহিলা কর্মী উপস্থিত ছিলেন।

ধুনটে ইউনিয়ন শ্রমিক দলের উদ্যোগে শিক্ষার্থী
ও যুব সমাজের মাঝে ফুটবল বিতরণ
বগুড়া প্রতিনিধিঃ

বগুড়ার ধুনট উপজেলার চিকাশী ইউনিয়ন শ্রমিক দলের আয়োজনে অত্র ইউনিয়নের বিভিন্ন শিক্ষা প্রতিষ্ঠানের শিক্ষার্থী ও যুব সমাজের মাঝে ফুটবল বিতরণ করা হয়েছে। গতকাল সোমবার বিকেলে চিকাশী ইউনিয়ন শ্রমিক দলের কার্যালয় প্রাঙ্গণে এ ফুটবল বিতরণ করা হয়। মাদক থেকে দূরে রেখে খেলাধুলায় মনোনিবেশ করানোর লক্ষ্যে এ আয়োজন। চিকাশী ইউনিয়ন শ্রমিক দলের সভাপতি মোঃ হাসানুর রহমানের সভাপতিত্বে অনুষ্ঠানে প্রধান অতিথি হিসেবে উপস্থিত থেকে ফুটবল বিতরণ করেন ধুনট উপজেলা শ্রমিক দলের আহবায়ক আব্দুর রউফ। এসময় বক্তারা বলেন, যুব সমাজকে মাদক থেকে দূরে রাখতে খেলাধুলার বিকল্প নেই।

এ সময় উপস্থিত ছিলেন চিকাশী ইউনিয়ন শ্রমিক দলের সিনিয়র সহ-সভাপতি মোঃ মজনু মিয়া, সাধারণ সম্পাদক মোঃ হাফিজার রহমান, যুগ্ম সাধারণ সম্পাদক আব্দুর রাজ্জাক, সাংগঠনিক সম্পাদক আব্দুর রশিদ, চিকাশী ইউনিয়ন বিএনপির সভাপতি আবু সাইদ, সাধারণ সম্পাদক মিজানুর রহমান, যুবদলের সভাপতি মাসুদ রানা, ছাত্রদলের সভাপতি রাশেদুল ইসলাম সহ বিভিন্ন শিক্ষা প্রতিষ্ঠানের শিক্ষার্থী ও যুব সমাজের নেতৃবৃন্দ উপস্থিত ছিলেন। অনুষ্ঠান শেষে অতিথিরা শিক্ষার্থীদের হাতে ফুটবল তুলে দেন।
